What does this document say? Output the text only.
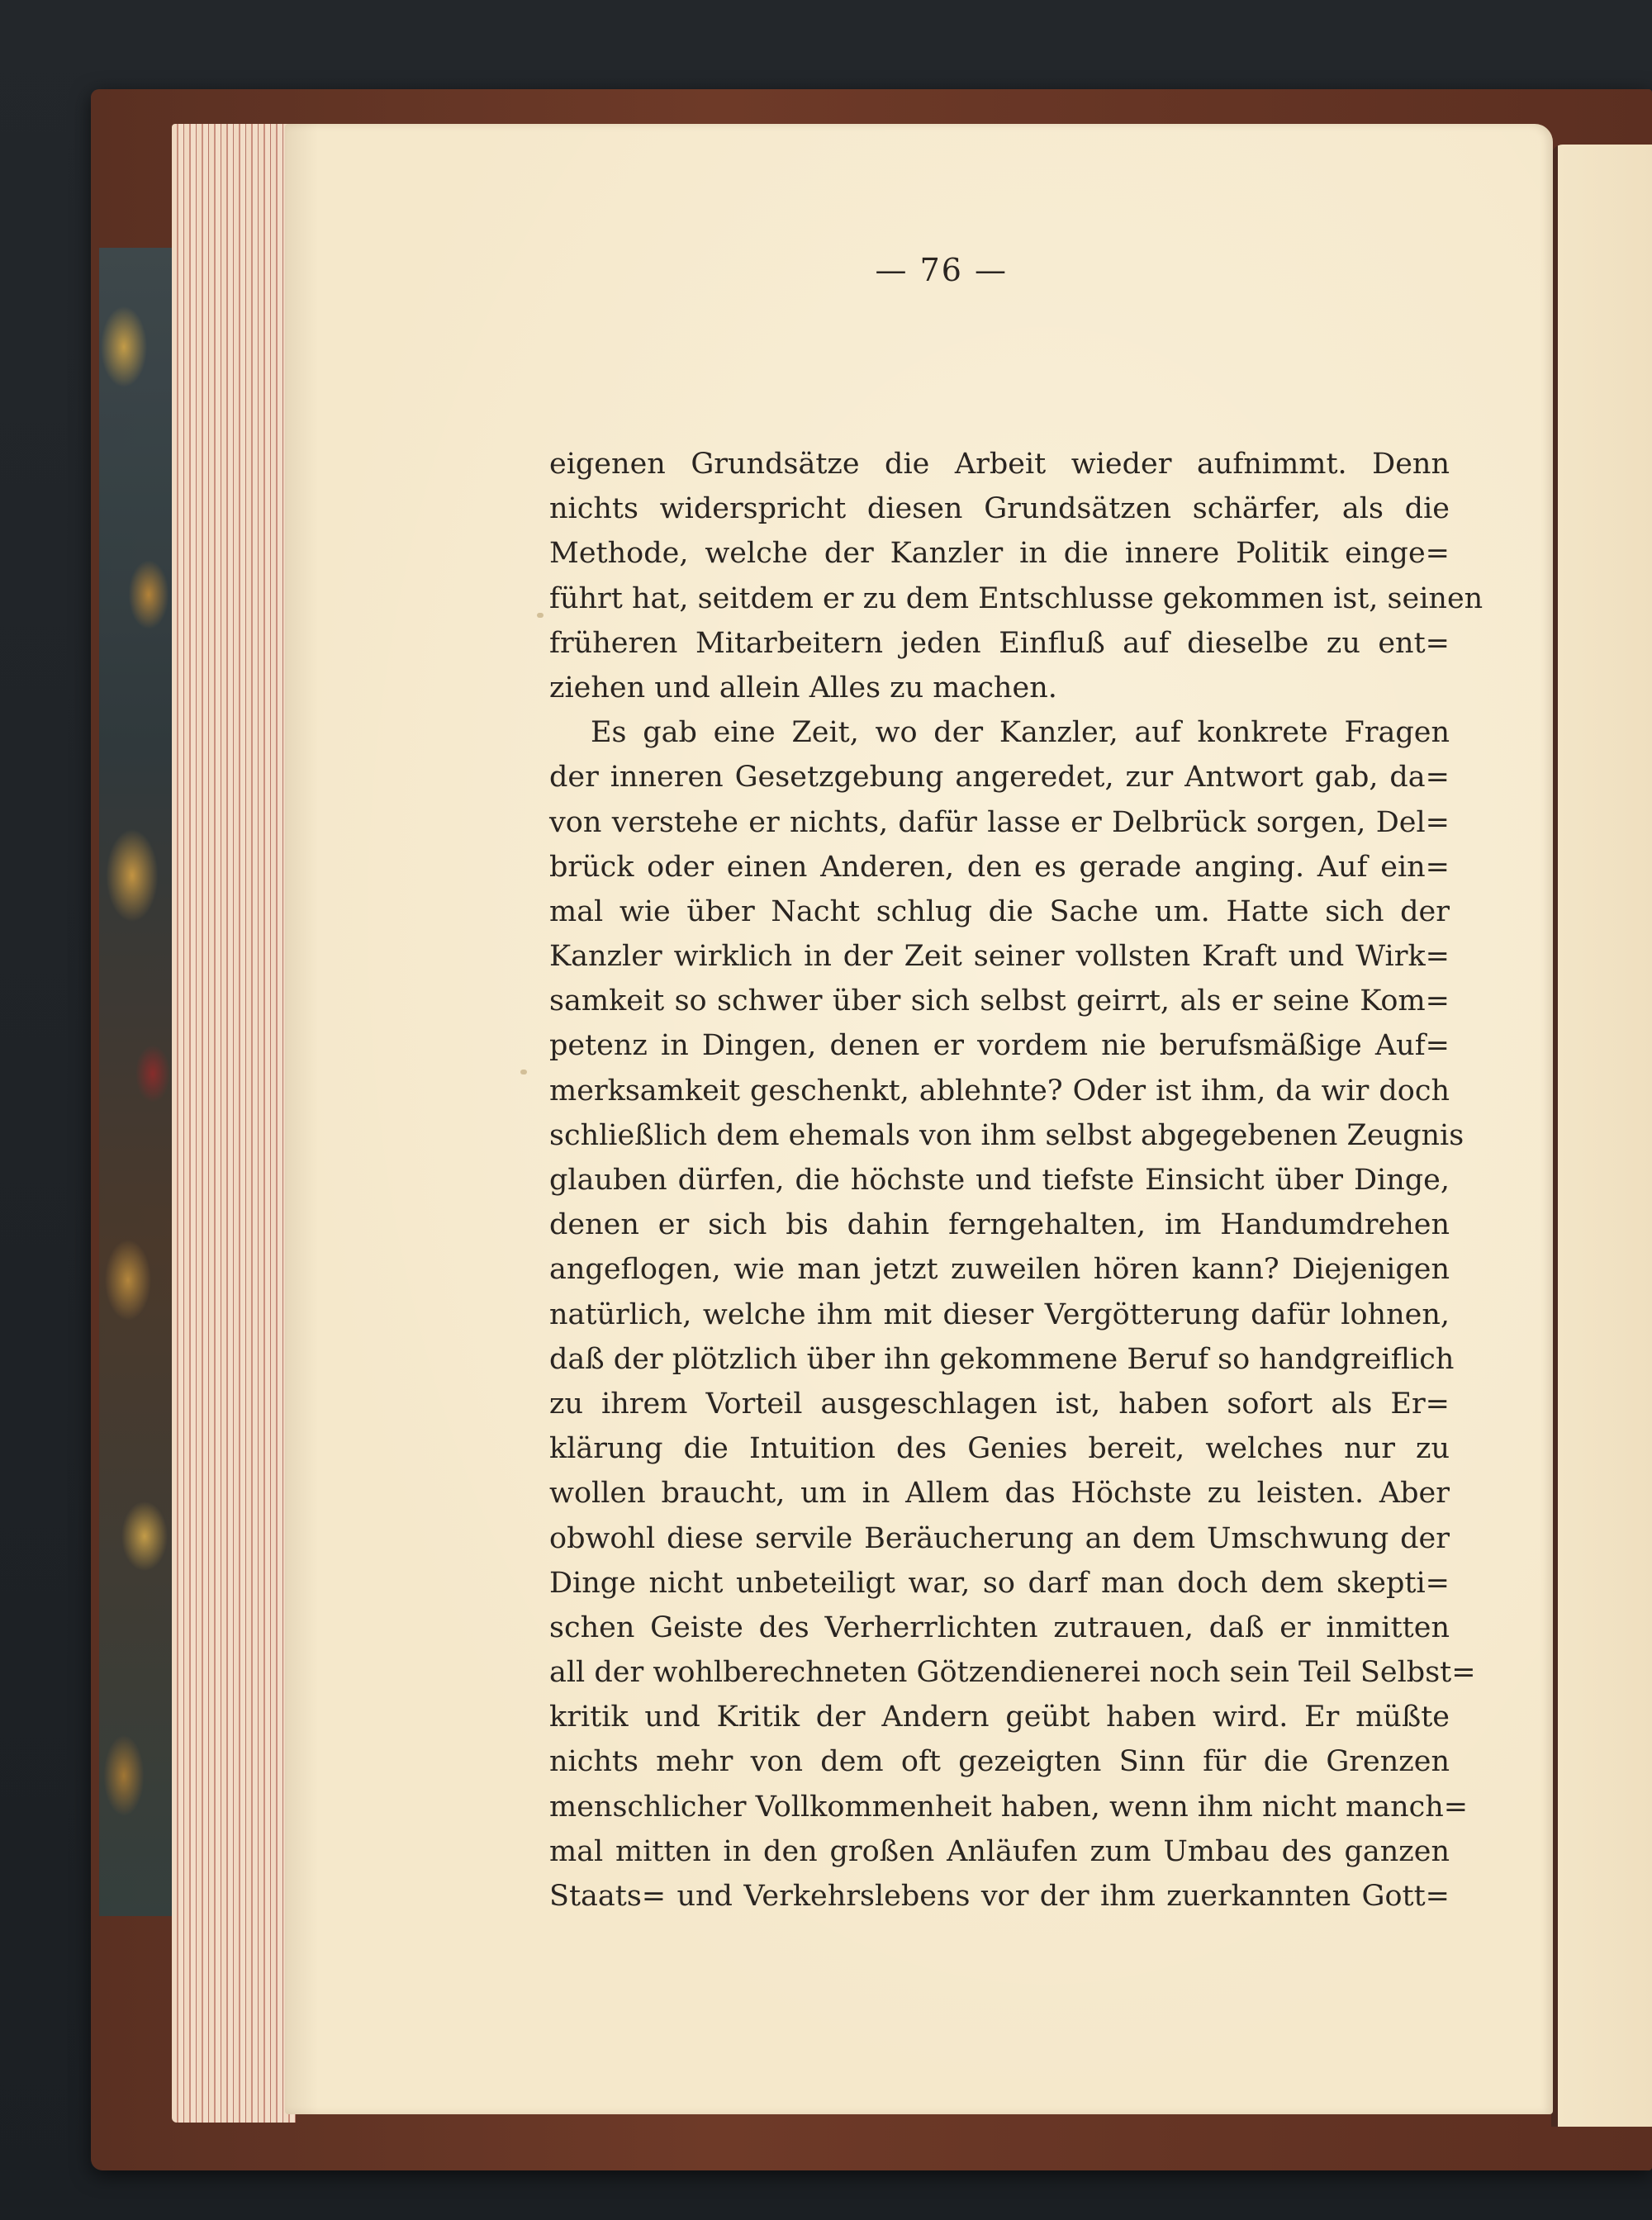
— 76 —
eigenen Grundsätze die Arbeit wieder aufnimmt. Denn
nichts widerspricht diesen Grundsätzen schärfer, als die
Methode, welche der Kanzler in die innere Politik einge=
führt hat, seitdem er zu dem Entschlusse gekommen ist, seinen
früheren Mitarbeitern jeden Einfluß auf dieselbe zu ent=
ziehen und allein Alles zu machen.
Es gab eine Zeit, wo der Kanzler, auf konkrete Fragen
der inneren Gesetzgebung angeredet, zur Antwort gab, da=
von verstehe er nichts, dafür lasse er Delbrück sorgen, Del=
brück oder einen Anderen, den es gerade anging. Auf ein=
mal wie über Nacht schlug die Sache um. Hatte sich der
Kanzler wirklich in der Zeit seiner vollsten Kraft und Wirk=
samkeit so schwer über sich selbst geirrt, als er seine Kom=
petenz in Dingen, denen er vordem nie berufsmäßige Auf=
merksamkeit geschenkt, ablehnte? Oder ist ihm, da wir doch
schließlich dem ehemals von ihm selbst abgegebenen Zeugnis
glauben dürfen, die höchste und tiefste Einsicht über Dinge,
denen er sich bis dahin ferngehalten, im Handumdrehen
angeflogen, wie man jetzt zuweilen hören kann? Diejenigen
natürlich, welche ihm mit dieser Vergötterung dafür lohnen,
daß der plötzlich über ihn gekommene Beruf so handgreiflich
zu ihrem Vorteil ausgeschlagen ist, haben sofort als Er=
klärung die Intuition des Genies bereit, welches nur zu
wollen braucht, um in Allem das Höchste zu leisten. Aber
obwohl diese servile Beräucherung an dem Umschwung der
Dinge nicht unbeteiligt war, so darf man doch dem skepti=
schen Geiste des Verherrlichten zutrauen, daß er inmitten
all der wohlberechneten Götzendienerei noch sein Teil Selbst=
kritik und Kritik der Andern geübt haben wird. Er müßte
nichts mehr von dem oft gezeigten Sinn für die Grenzen
menschlicher Vollkommenheit haben, wenn ihm nicht manch=
mal mitten in den großen Anläufen zum Umbau des ganzen
Staats= und Verkehrslebens vor der ihm zuerkannten Gott=
